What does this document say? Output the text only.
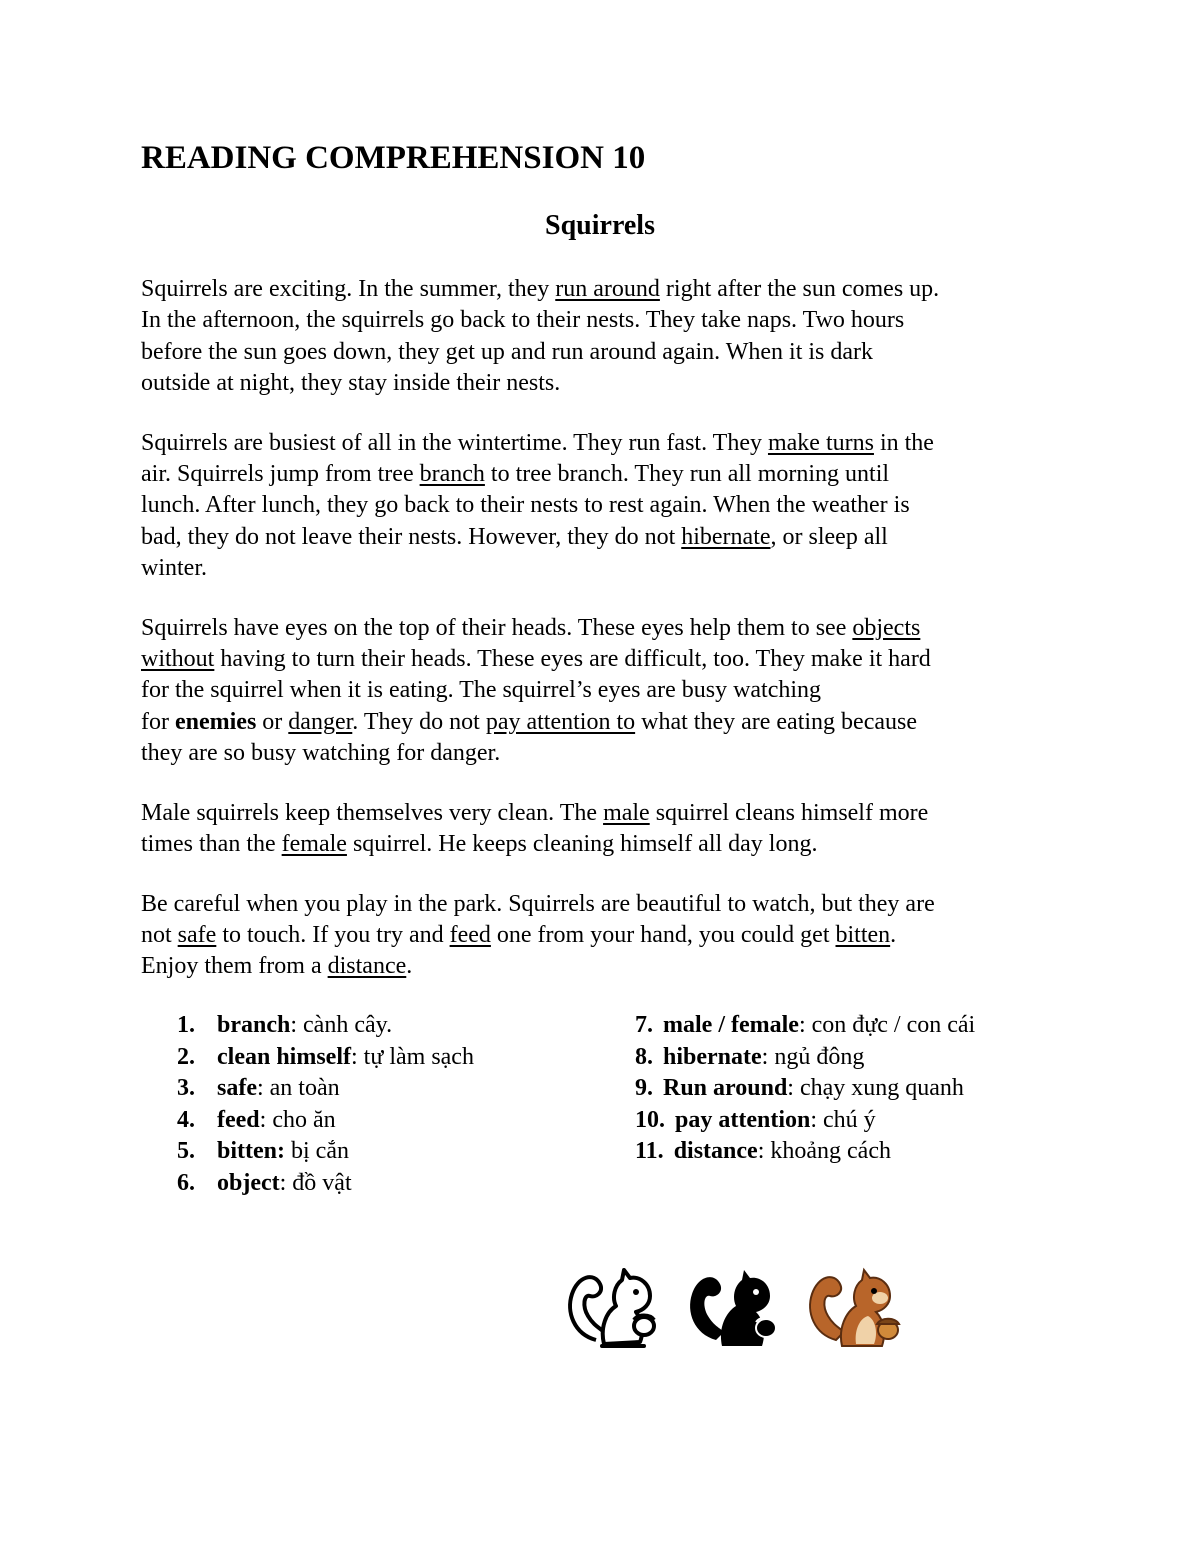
READING COMPREHENSION 10
Squirrels

Squirrels are exciting. In the summer, they run around right after the sun comes up.
In the afternoon, the squirrels go back to their nests. They take naps. Two hours
before the sun goes down, they get up and run around again. When it is dark
outside at night, they stay inside their nests.

Squirrels are busiest of all in the wintertime. They run fast. They make turns in the
air. Squirrels jump from tree branch to tree branch. They run all morning until
lunch. After lunch, they go back to their nests to rest again. When the weather is
bad, they do not leave their nests. However, they do not hibernate, or sleep all
winter.

Squirrels have eyes on the top of their heads. These eyes help them to see objects
without having to turn their heads. These eyes are difficult, too. They make it hard
for the squirrel when it is eating. The squirrel’s eyes are busy watching
for enemies or danger. They do not pay attention to what they are eating because
they are so busy watching for danger.

Male squirrels keep themselves very clean. The male squirrel cleans himself more
times than the female squirrel. He keeps cleaning himself all day long.

Be careful when you play in the park. Squirrels are beautiful to watch, but they are
not safe to touch. If you try and feed one from your hand, you could get bitten.
Enjoy them from a distance.

1. branch: cành cây.
2. clean himself: tự làm sạch
3. safe: an toàn
4. feed: cho ăn
5. bitten: bị cắn
6. object: đồ vật
7. male / female: con đực / con cái
8. hibernate: ngủ đông
9. Run around: chạy xung quanh
10. pay attention: chú ý
11. distance: khoảng cách
